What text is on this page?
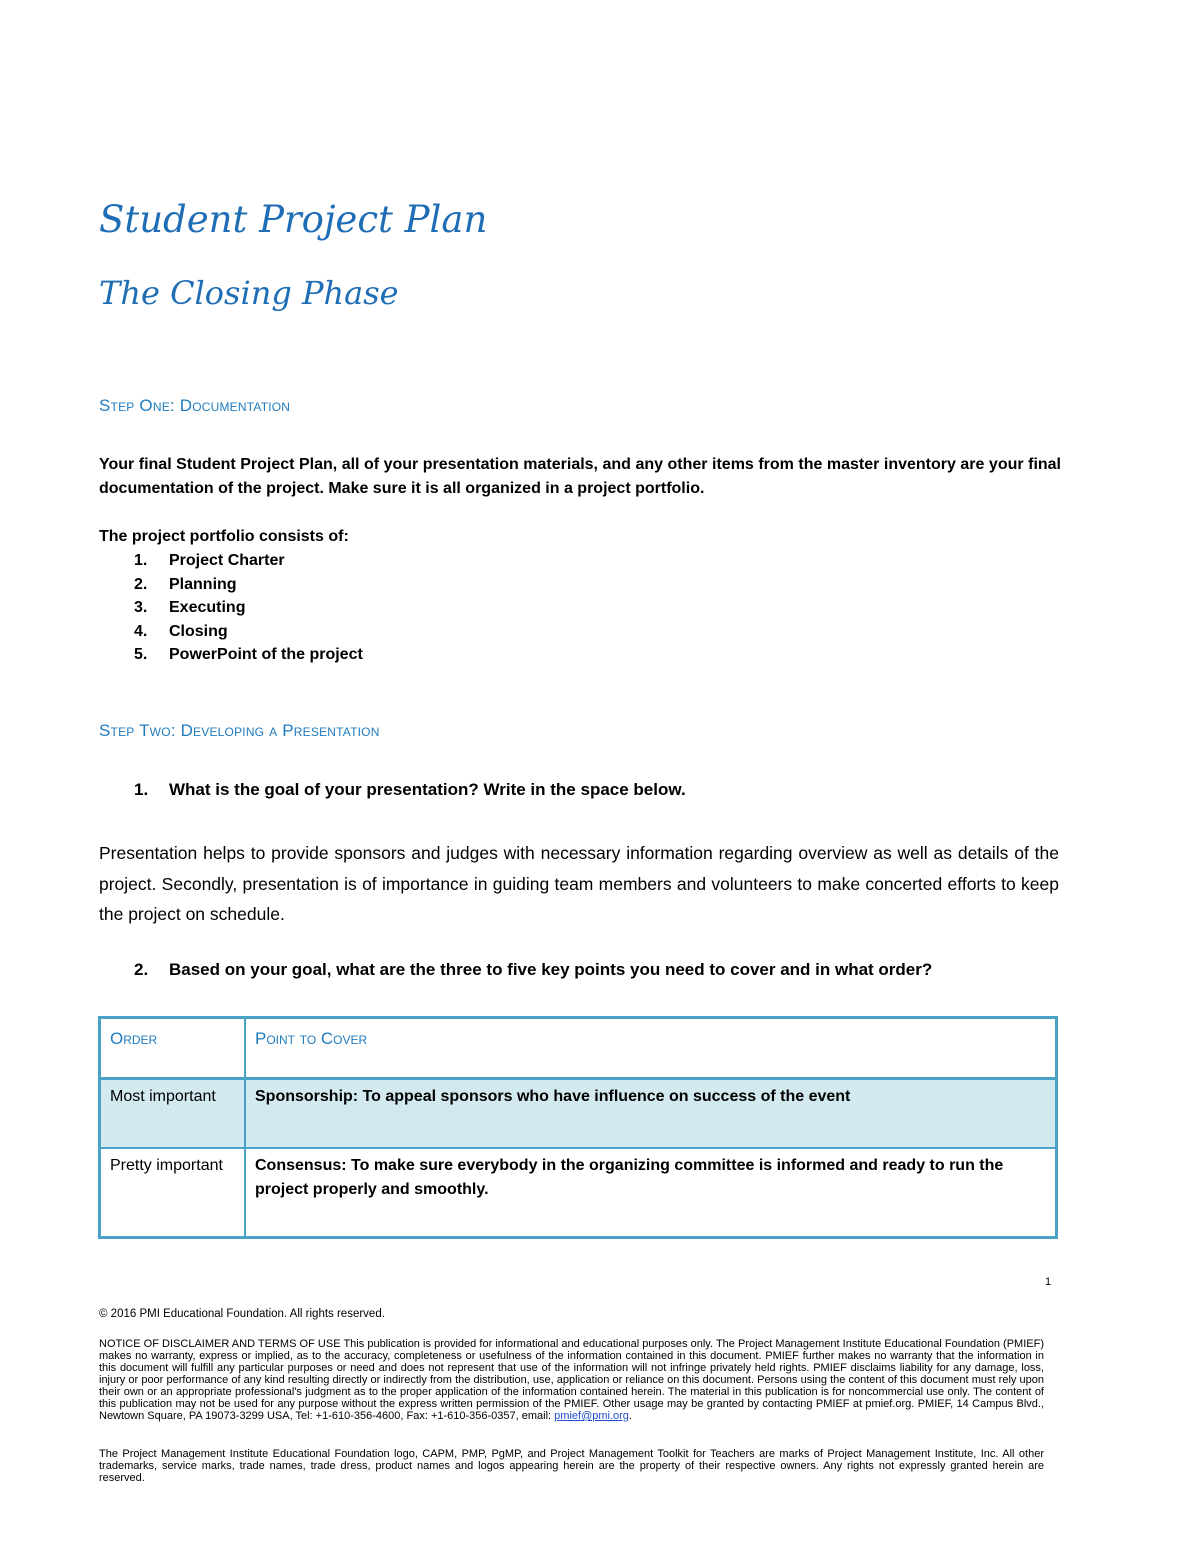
Student Project Plan
The Closing Phase
Step One: Documentation

Your final Student Project Plan, all of your presentation materials, and any other items from the master inventory are your final documentation of the project. Make sure it is all organized in a project portfolio.

The project portfolio consists of:

1.	Project Charter
2.	Planning
3.	Executing
4.	Closing
5.	PowerPoint of the project
Step Two: Developing a Presentation

1.	What is the goal of your presentation? Write in the space below.

Presentation helps to provide sponsors and judges with necessary information regarding overview as well as details of the project. Secondly, presentation is of importance in guiding team members and volunteers to make concerted efforts to keep the project on schedule.

2.	Based on your goal, what are the three to five key points you need to cover and in what order?

Order	Point to Cover
Most important	Sponsorship: To appeal sponsors who have influence on success of the event
Pretty important	Consensus: To make sure everybody in the organizing committee is informed and ready to run the project properly and smoothly.
1

© 2016 PMI Educational Foundation. All rights reserved.

NOTICE OF DISCLAIMER AND TERMS OF USE This publication is provided for informational and educational purposes only. The Project Management Institute Educational Foundation (PMIEF) makes no warranty, express or implied, as to the accuracy, completeness or usefulness of the information contained in this document. PMIEF further makes no warranty that the information in this document will fulfill any particular purposes or need and does not represent that use of the information will not infringe privately held rights. PMIEF disclaims liability for any damage, loss, injury or poor performance of any kind resulting directly or indirectly from the distribution, use, application or reliance on this document. Persons using the content of this document must rely upon their own or an appropriate professional's judgment as to the proper application of the information contained herein. The material in this publication is for noncommercial use only. The content of this publication may not be used for any purpose without the express written permission of the PMIEF. Other usage may be granted by contacting PMIEF at pmief.org. PMIEF, 14 Campus Blvd., Newtown Square, PA 19073-3299 USA, Tel: +1-610-356-4600, Fax: +1-610-356-0357, email: pmief@pmi.org.

The Project Management Institute Educational Foundation logo, CAPM, PMP, PgMP, and Project Management Toolkit for Teachers are marks of Project Management Institute, Inc. All other trademarks, service marks, trade names, trade dress, product names and logos appearing herein are the property of their respective owners. Any rights not expressly granted herein are reserved.
